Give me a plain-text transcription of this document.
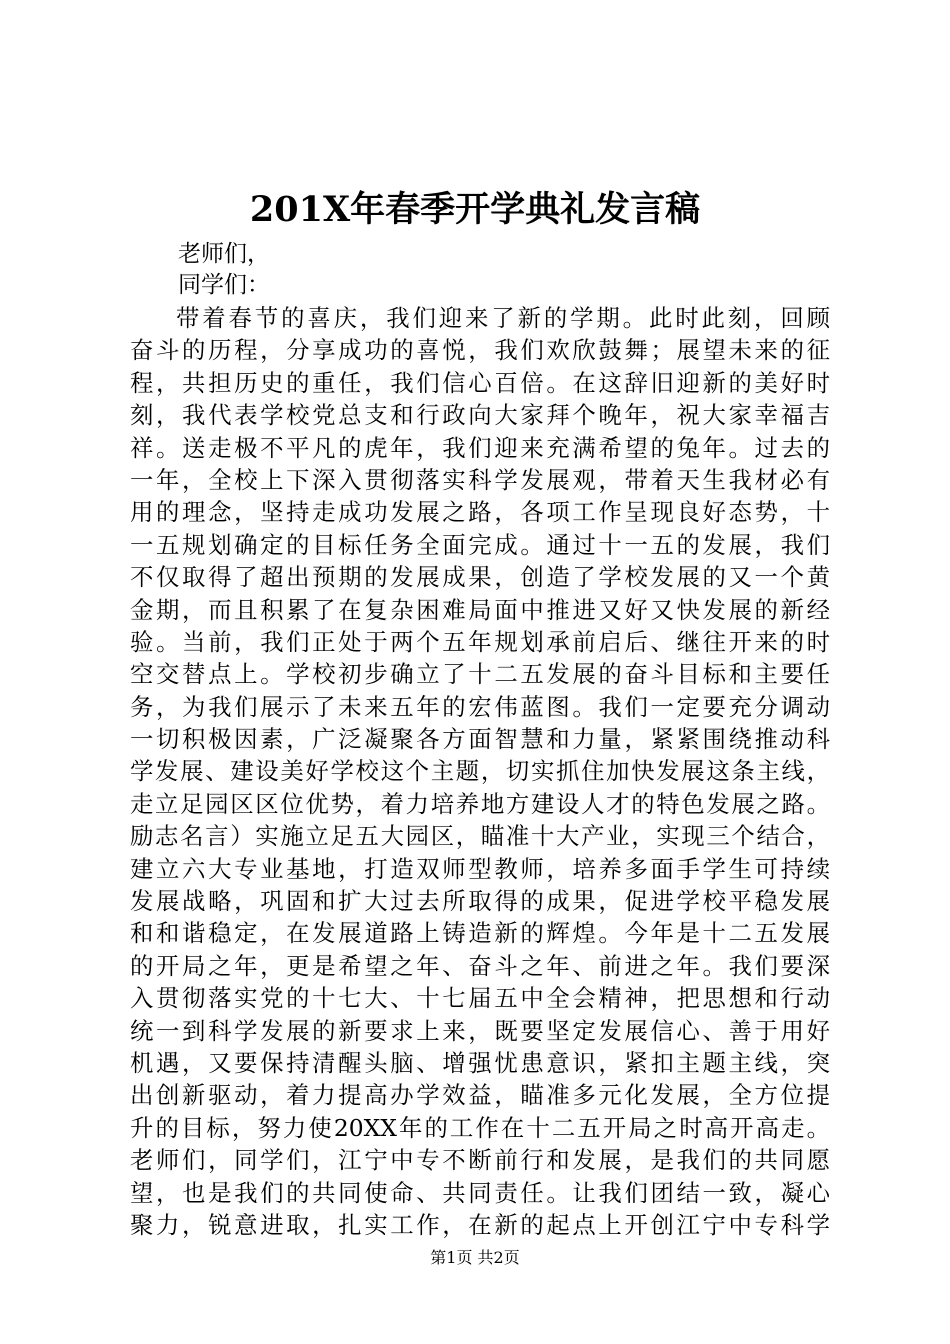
201X年春季开学典礼发言稿
老师们，
同学们：
带着春节的喜庆，我们迎来了新的学期。此时此刻，回顾
奋斗的历程，分享成功的喜悦，我们欢欣鼓舞；展望未来的征
程，共担历史的重任，我们信心百倍。在这辞旧迎新的美好时
刻，我代表学校党总支和行政向大家拜个晚年，祝大家幸福吉
祥。送走极不平凡的虎年，我们迎来充满希望的兔年。过去的
一年，全校上下深入贯彻落实科学发展观，带着天生我材必有
用的理念，坚持走成功发展之路，各项工作呈现良好态势，十
一五规划确定的目标任务全面完成。通过十一五的发展，我们
不仅取得了超出预期的发展成果，创造了学校发展的又一个黄
金期，而且积累了在复杂困难局面中推进又好又快发展的新经
验。当前，我们正处于两个五年规划承前启后、继往开来的时
空交替点上。学校初步确立了十二五发展的奋斗目标和主要任
务，为我们展示了未来五年的宏伟蓝图。我们一定要充分调动
一切积极因素，广泛凝聚各方面智慧和力量，紧紧围绕推动科
学发展、建设美好学校这个主题，切实抓住加快发展这条主线，
走立足园区区位优势，着力培养地方建设人才的特色发展之路。
励志名言）实施立足五大园区，瞄准十大产业，实现三个结合，
建立六大专业基地，打造双师型教师，培养多面手学生可持续
发展战略，巩固和扩大过去所取得的成果，促进学校平稳发展
和和谐稳定，在发展道路上铸造新的辉煌。今年是十二五发展
的开局之年，更是希望之年、奋斗之年、前进之年。我们要深
入贯彻落实党的十七大、十七届五中全会精神，把思想和行动
统一到科学发展的新要求上来，既要坚定发展信心、善于用好
机遇，又要保持清醒头脑、增强忧患意识，紧扣主题主线，突
出创新驱动，着力提高办学效益，瞄准多元化发展，全方位提
升的目标，努力使20XX年的工作在十二五开局之时高开高走。
老师们，同学们，江宁中专不断前行和发展，是我们的共同愿
望，也是我们的共同使命、共同责任。让我们团结一致，凝心
聚力，锐意进取，扎实工作，在新的起点上开创江宁中专科学
第1页 共2页
